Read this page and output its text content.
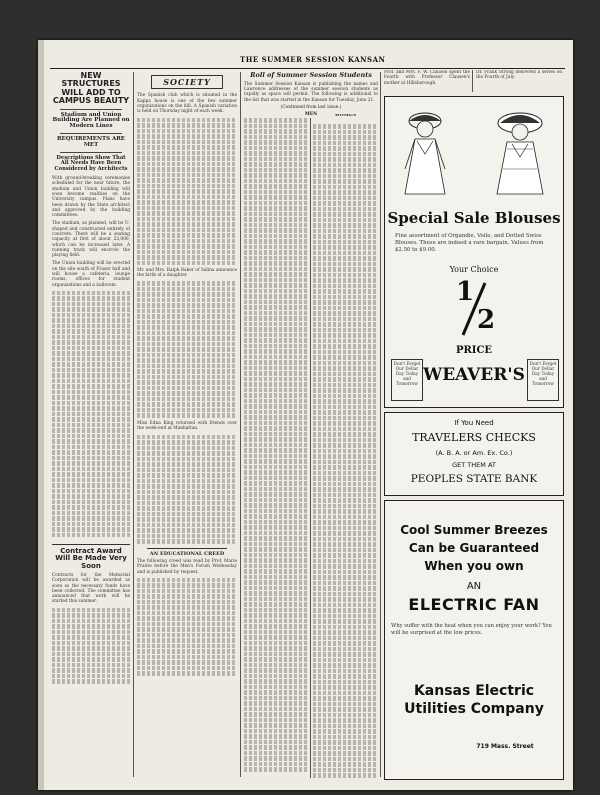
THE SUMMER SESSION KANSAN

NEW STRUCTURES WILL ADD TO CAMPUS BEAUTY

Stadium and Union Building Are Planned on Modern Lines

REQUIREMENTS ARE MET

Descriptions Show That All Needs Have Been Considered by Architects

With ground-breaking ceremonies scheduled for the near future, the stadium and Union building will soon become realities on the University campus. Plans have been drawn by the State architect and approved by the building committees.

The stadium, as planned, will be U-shaped and constructed entirely of concrete. There will be a seating capacity at first of about 22,000, which can be increased later. A running track will encircle the playing field.

The Union building will be erected on the site south of Fraser hall and will house a cafeteria, lounge rooms, offices for student organizations and a ballroom.

Contract Award Will Be Made Very Soon

Contracts for the Memorial Corporation will be awarded as soon as the necessary funds have been collected. The committee has announced that work will be started this summer.

SOCIETY

The Spanish club which is situated in the Kappa house is one of the few summer organizations on the hill. A Spanish variation is held on Thursday night of each week.

Mr. and Mrs. Ralph Baker of Salina announce the birth of a daughter.

Miss Edna King returned with friends over the week-end at Manhattan.

AN EDUCATIONAL CREED

The following creed was read by Prof. Marie Prairie before the Men's Forum Wednesday and is published by request.

Roll of Summer Session Students

The Summer Session Kansan is publishing the names and Lawrence addresses of the summer session students as rapidly as space will permit. The following is additional to the list that was started in the Kansan for Tuesday, June 21.

(Continued from last issue.)

MEN	WOMEN

Prof. and Mrs. F. W. Clausen spent the Fourth with Professor Clausen's mother at Hillsborough.

Dr. Frank Strong delivered a series on the Fourth of July.

Special Sale Blouses
Fine assortment of Organdie, Voile, and Dotted Swiss Blouses. These are indeed a rare bargain. Values from $2.50 to $9.00.
Your Choice
1
2
PRICE
Don't Forget Our Dollar Day Today and Tomorrow WEAVER'S
Don't Forget Our Dollar Day Today and Tomorrow
If You Need
TRAVELERS CHECKS
(A. B. A. or Am. Ex. Co.)
GET THEM AT
PEOPLES STATE BANK
Cool Summer Breezes
Can be Guaranteed
When you own
AN
ELECTRIC FAN
Why suffer with the heat when you can enjoy your work? You will be surprised at the low prices.
Kansas Electric
Utilities Company
719 Mass. Street
